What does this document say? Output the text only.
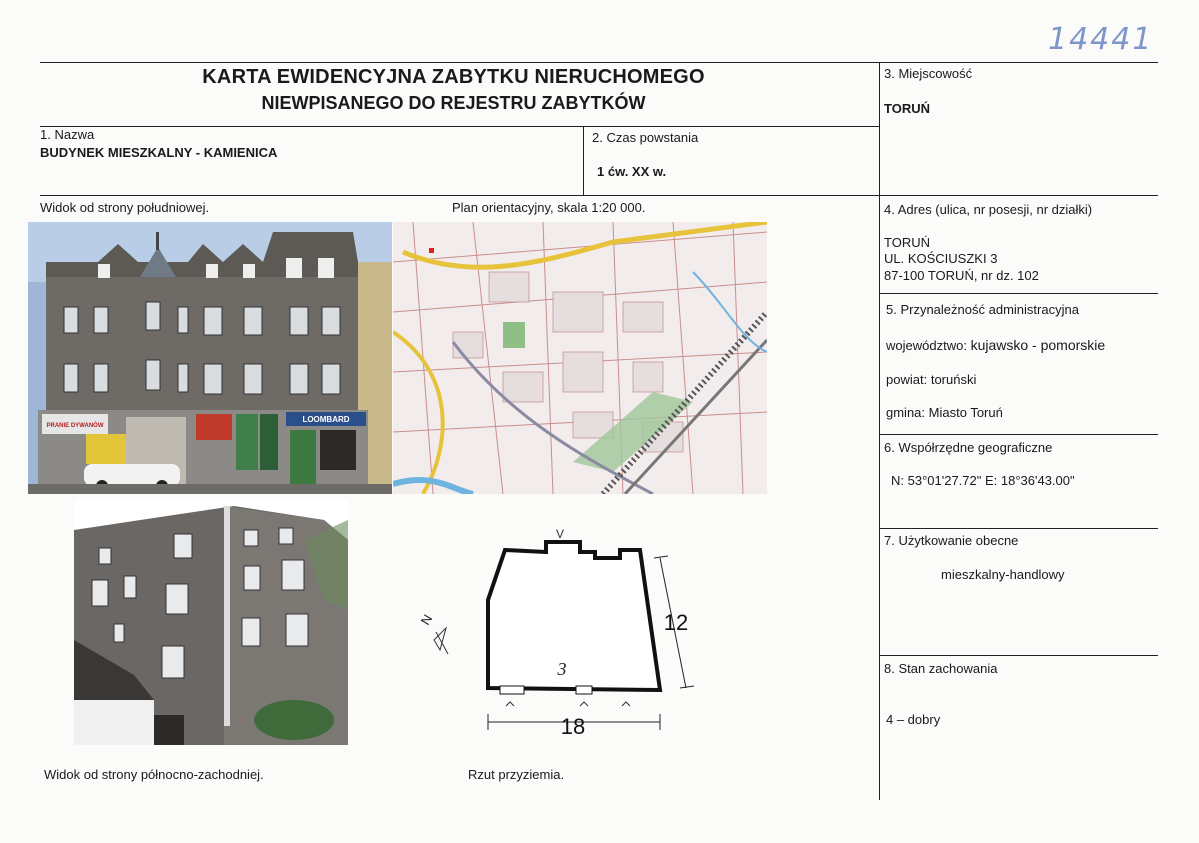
14441
KARTA EWIDENCYJNA ZABYTKU NIERUCHOMEGO
NIEWPISANEGO DO REJESTRU ZABYTKÓW
1. Nazwa
BUDYNEK MIESZKALNY - KAMIENICA
2. Czas powstania
1 ćw. XX w.
3. Miejscowość
TORUŃ
4. Adres (ulica, nr posesji, nr działki)
TORUŃ
UL. KOŚCIUSZKI 3
87-100 TORUŃ, nr dz. 102
5. Przynależność administracyjna
województwo: kujawsko - pomorskie
powiat: toruński
gmina: Miasto Toruń
6. Współrzędne geograficzne
N: 53°01'27.72" E: 18°36'43.00"
7. Użytkowanie obecne
mieszkalny-handlowy
8. Stan zachowania
4 – dobry
Widok od strony południowej.	Plan orientacyjny, skala 1:20 000.
Widok od strony północno-zachodniej.	Rzut przyziemia.
PRANIE DYWANÓW
LOOMBARD
V
3
18
12
N
